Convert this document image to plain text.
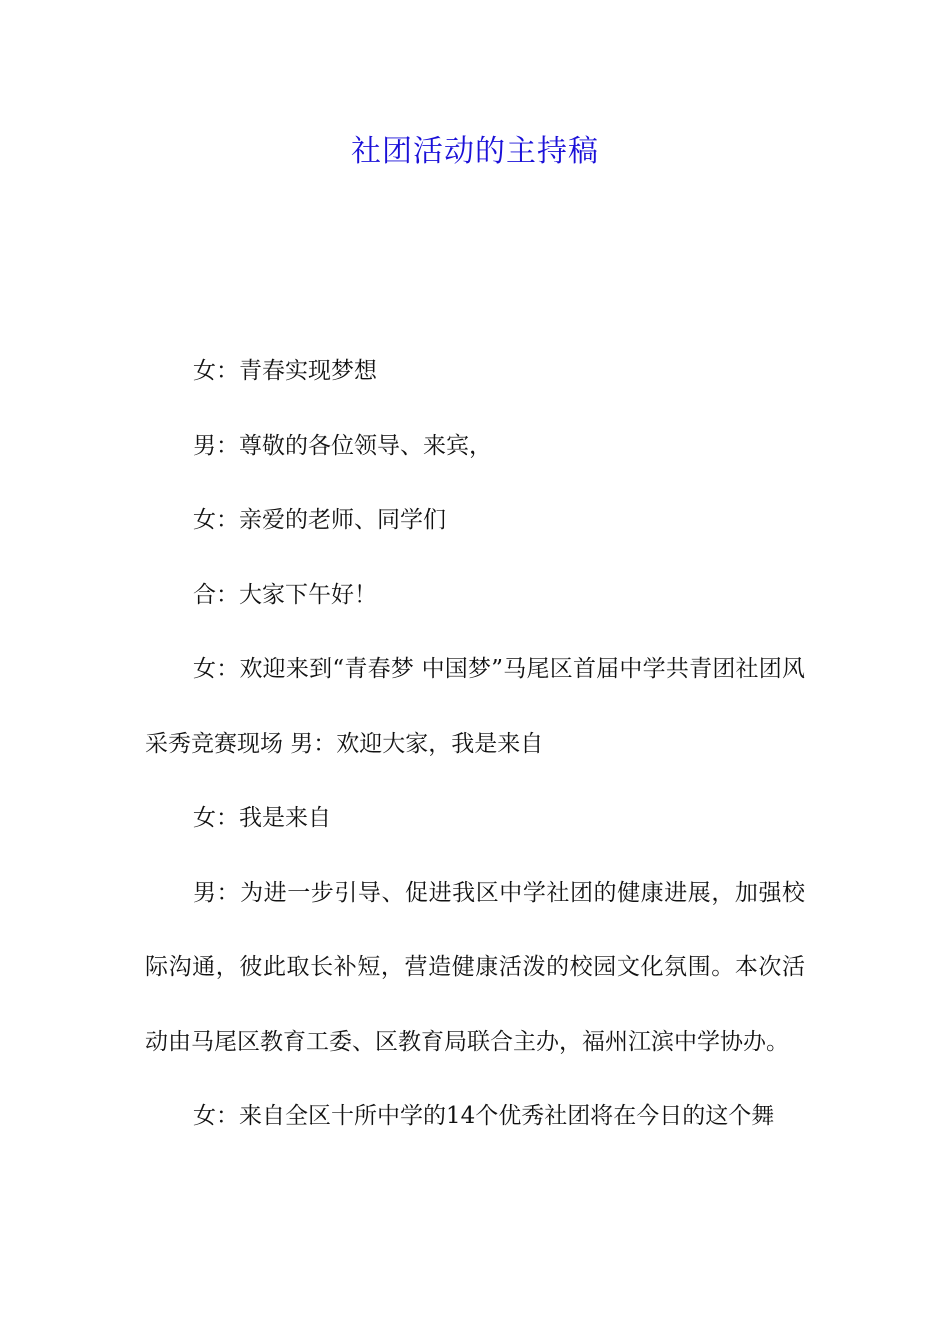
社团活动的主持稿

女：青春实现梦想

男：尊敬的各位领导、来宾，

女：亲爱的老师、同学们

合：大家下午好！

女：欢迎来到“青春梦 中国梦”马尾区首届中学共青团社团风采秀竞赛现场 男：欢迎大家，我是来自

女：我是来自

男：为进一步引导、促进我区中学社团的健康进展，加强校际沟通，彼此取长补短，营造健康活泼的校园文化氛围。本次活动由马尾区教育工委、区教育局联合主办，福州江滨中学协办。

女：来自全区十所中学的14个优秀社团将在今日的这个舞
